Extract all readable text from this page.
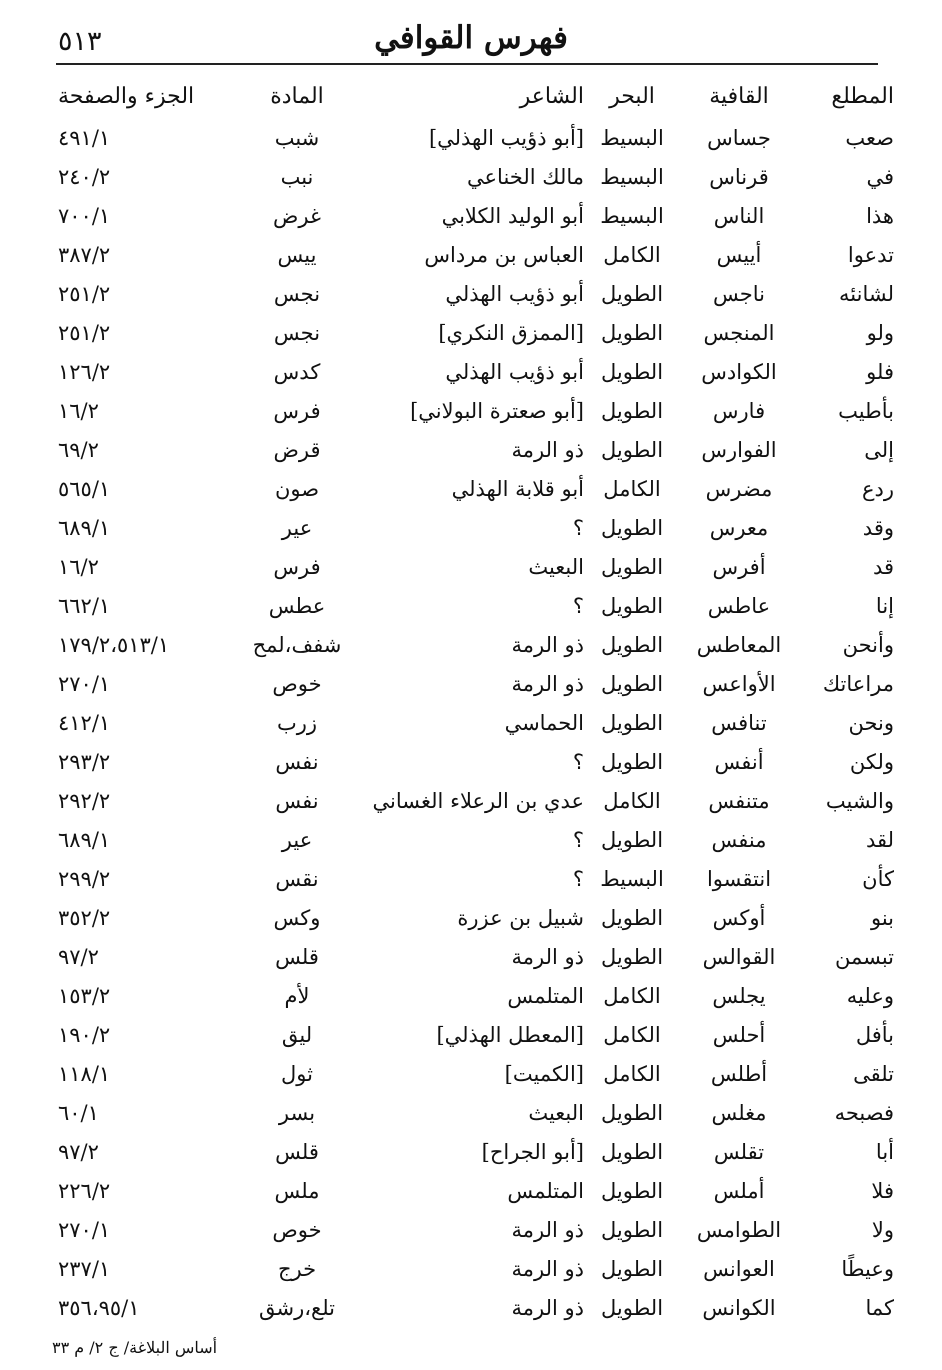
٥١٣	فهرس القوافي
المطلع	القافية	البحر	الشاعر	المادة	الجزء والصفحة
صعب	جساس	البسيط	[أبو ذؤيب الهذلي]	شبب	٤٩١/١
في	قرناس	البسيط	مالك الخناعي	نبب	٢٤٠/٢
هذا	الناس	البسيط	أبو الوليد الكلابي	غرض	٧٠٠/١
تدعوا	أييس	الكامل	العباس بن مرداس	ييس	٣٨٧/٢
لشانئه	ناجس	الطويل	أبو ذؤيب الهذلي	نجس	٢٥١/٢
ولو	المنجس	الطويل	[الممزق النكري]	نجس	٢٥١/٢
فلو	الكوادس	الطويل	أبو ذؤيب الهذلي	كدس	١٢٦/٢
بأطيب	فارس	الطويل	[أبو صعترة البولاني]	فرس	١٦/٢
إلى	الفوارس	الطويل	ذو الرمة	قرض	٦٩/٢
ردع	مضرس	الكامل	أبو قلابة الهذلي	صون	٥٦٥/١
وقد	معرس	الطويل	؟	عير	٦٨٩/١
قد	أفرس	الطويل	البعيث	فرس	١٦/٢
إنا	عاطس	الطويل	؟	عطس	٦٦٢/١
وأنحن	المعاطس	الطويل	ذو الرمة	شفف،لمح	١٧٩/٢،٥١٣/١
مراعاتك	الأواعس	الطويل	ذو الرمة	خوص	٢٧٠/١
ونحن	تنافس	الطويل	الحماسي	زرب	٤١٢/١
ولكن	أنفس	الطويل	؟	نفس	٢٩٣/٢
والشيب	متنفس	الكامل	عدي بن الرعلاء الغساني	نفس	٢٩٢/٢
لقد	منفس	الطويل	؟	عير	٦٨٩/١
كأن	انتقسوا	البسيط	؟	نقس	٢٩٩/٢
بنو	أوكس	الطويل	شبيل بن عزرة	وكس	٣٥٢/٢
تبسمن	القوالس	الطويل	ذو الرمة	قلس	٩٧/٢
وعليه	يجلس	الكامل	المتلمس	لأم	١٥٣/٢
بأفل	أحلس	الكامل	[المعطل الهذلي]	ليق	١٩٠/٢
تلقى	أطلس	الكامل	[الكميت]	ثول	١١٨/١
فصبحه	مغلس	الطويل	البعيث	بسر	٦٠/١
أبا	تقلس	الطويل	[أبو الجراح]	قلس	٩٧/٢
فلا	أملس	الطويل	المتلمس	ملس	٢٢٦/٢
ولا	الطوامس	الطويل	ذو الرمة	خوص	٢٧٠/١
وعيطًا	العوانس	الطويل	ذو الرمة	خرج	٢٣٧/١
كما	الكوانس	الطويل	ذو الرمة	تلع،رشق	٣٥٦،٩٥/١
أساس البلاغة/ ج ٢/ م ٣٣
